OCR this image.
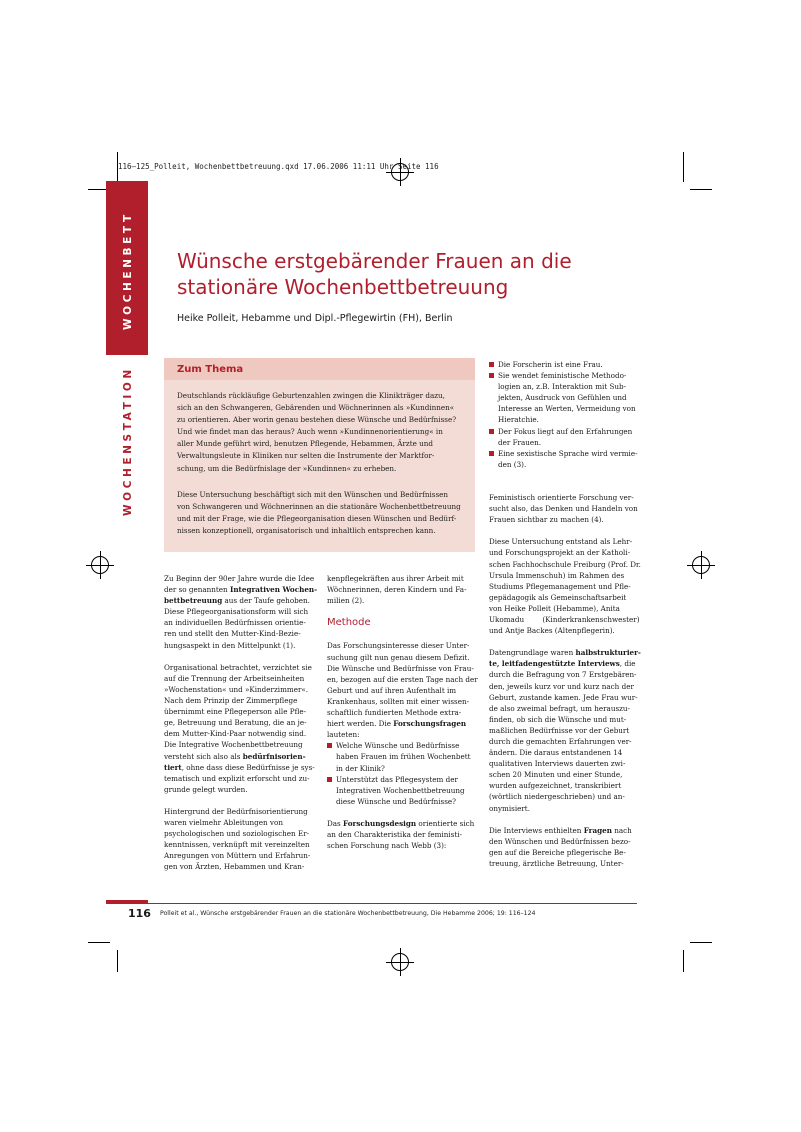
116–125_Polleit, Wochenbettbetreuung.qxd 17.06.2006 11:11 Uhr Seite 116
WOCHENBETT
WOCHENSTATION
Wünsche erstgebärender Frauen an die
stationäre Wochenbettbetreuung
Heike Polleit, Hebamme und Dipl.-Pflegewirtin (FH), Berlin
Zum Thema
Deutschlands rückläufige Geburtenzahlen zwingen die Klinikträger dazu,
sich an den Schwangeren, Gebärenden und Wöchnerinnen als »Kundinnen«
zu orientieren. Aber worin genau bestehen diese Wünsche und Bedürfnisse?
Und wie findet man das heraus? Auch wenn »Kundinnenorientierung« in
aller Munde geführt wird, benutzen Pflegende, Hebammen, Ärzte und
Verwaltungsleute in Kliniken nur selten die Instrumente der Marktfor-
schung, um die Bedürfnislage der »Kundinnen« zu erheben.
Diese Untersuchung beschäftigt sich mit den Wünschen und Bedürfnissen
von Schwangeren und Wöchnerinnen an die stationäre Wochenbettbetreuung
und mit der Frage, wie die Pflegeorganisation diesen Wünschen und Bedürf-
nissen konzeptionell, organisatorisch und inhaltlich entsprechen kann.
Zu Beginn der 90er Jahre wurde die Idee
der so genannten Integrativen Wochen-
bettbetreuung aus der Taufe gehoben.
Diese Pflegeorganisationsform will sich
an individuellen Bedürfnissen orientie-
ren und stellt den Mutter-Kind-Bezie-
hungsaspekt in den Mittelpunkt (1).
Organisational betrachtet, verzichtet sie
auf die Trennung der Arbeitseinheiten
»Wochenstation« und »Kinderzimmer«.
Nach dem Prinzip der Zimmerpflege
übernimmt eine Pflegeperson alle Pfle-
ge, Betreuung und Beratung, die an je-
dem Mutter-Kind-Paar notwendig sind.
Die Integrative Wochenbettbetreuung
versteht sich also als bedürfnisorien-
tiert, ohne dass diese Bedürfnisse je sys-
tematisch und explizit erforscht und zu-
grunde gelegt wurden.
Hintergrund der Bedürfnisorientierung
waren vielmehr Ableitungen von
psychologischen und soziologischen Er-
kenntnissen, verknüpft mit vereinzelten
Anregungen von Müttern und Erfahrun-
gen von Ärzten, Hebammen und Kran-
kenpflegekräften aus ihrer Arbeit mit
Wöchnerinnen, deren Kindern und Fa-
milien (2).
Methode
Das Forschungsinteresse dieser Unter-
suchung gilt nun genau diesem Defizit.
Die Wünsche und Bedürfnisse von Frau-
en, bezogen auf die ersten Tage nach der
Geburt und auf ihren Aufenthalt im
Krankenhaus, sollten mit einer wissen-
schaftlich fundierten Methode extra-
hiert werden. Die Forschungsfragen
lauteten:
Welche Wünsche und Bedürfnisse
haben Frauen im frühen Wochenbett
in der Klinik?
Unterstützt das Pflegesystem der
Integrativen Wochenbettbetreuung
diese Wünsche und Bedürfnisse?
Das Forschungsdesign orientierte sich
an den Charakteristika der feministi-
schen Forschung nach Webb (3):
Die Forscherin ist eine Frau.
Sie wendet feministische Methodo-
logien an, z.B. Interaktion mit Sub-
jekten, Ausdruck von Gefühlen und
Interesse an Werten, Vermeidung von
Hieratchie.
Der Fokus liegt auf den Erfahrungen
der Frauen.
Eine sexistische Sprache wird vermie-
den (3).
Feministisch orientierte Forschung ver-
sucht also, das Denken und Handeln von
Frauen sichtbar zu machen (4).
Diese Untersuchung entstand als Lehr-
und Forschungsprojekt an der Katholi-
schen Fachhochschule Freiburg (Prof. Dr.
Ursula Immenschuh) im Rahmen des
Studiums Pflegemanagement und Pfle-
gepädagogik als Gemeinschaftsarbeit
von Heike Polleit (Hebamme), Anita
Ukomadu        (Kinderkrankenschwester)
und Antje Backes (Altenpflegerin).
Datengrundlage waren halbstrukturier-
te, leitfadengestützte Interviews, die
durch die Befragung von 7 Erstgebären-
den, jeweils kurz vor und kurz nach der
Geburt, zustande kamen. Jede Frau wur-
de also zweimal befragt, um herauszu-
finden, ob sich die Wünsche und mut-
maßlichen Bedürfnisse vor der Geburt
durch die gemachten Erfahrungen ver-
ändern. Die daraus entstandenen 14
qualitativen Interviews dauerten zwi-
schen 20 Minuten und einer Stunde,
wurden aufgezeichnet, transkribiert
(wörtlich niedergeschrieben) und an-
onymisiert.
Die Interviews enthielten Fragen nach
den Wünschen und Bedürfnissen bezo-
gen auf die Bereiche pflegerische Be-
treuung, ärztliche Betreuung, Unter-
116 Polleit et al., Wünsche erstgebärender Frauen an die stationäre Wochenbettbetreuung, Die Hebamme 2006; 19: 116–124
